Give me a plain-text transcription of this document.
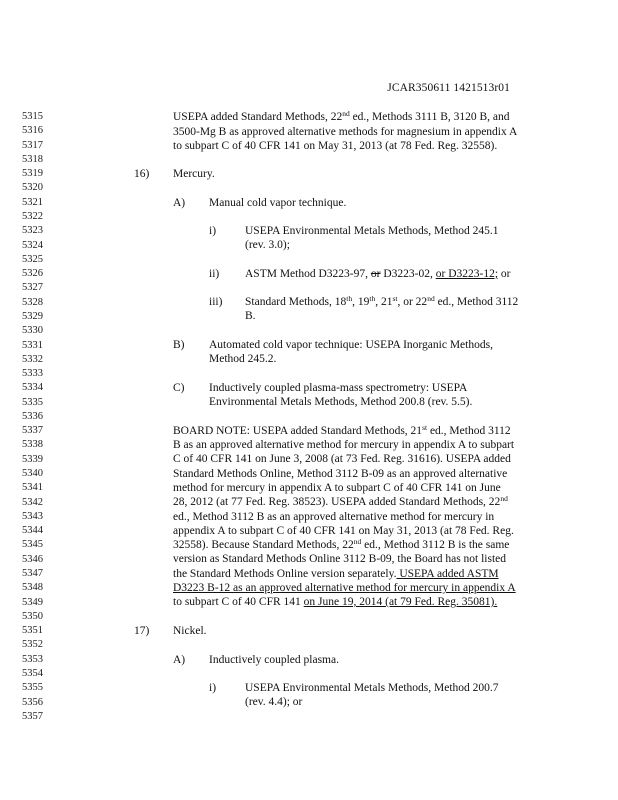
JCAR350611 1421513r01
5315
5316
5317
5318
5319
5320
5321
5322
5323
5324
5325
5326
5327
5328
5329
5330
5331
5332
5333
5334
5335
5336
5337
5338
5339
5340
5341
5342
5343
5344
5345
5346
5347
5348
5349
5350
5351
5352
5353
5354
5355
5356
5357
USEPA added Standard Methods, 22nd ed., Methods 3111 B, 3120 B, and
3500-Mg B as approved alternative methods for magnesium in appendix A
to subpart C of 40 CFR 141 on May 31, 2013 (at 78 Fed. Reg. 32558).
16) Mercury.
A) Manual cold vapor technique.
i)	USEPA Environmental Metals Methods, Method 245.1
(rev. 3.0);
ii) ASTM Method D3223-97, or D3223-02, or D3223-12; or
iii) Standard Methods, 18th, 19th, 21st, or 22nd ed., Method 3112
B.
B) Automated cold vapor technique: USEPA Inorganic Methods,
Method 245.2.
C) Inductively coupled plasma-mass spectrometry: USEPA
Environmental Metals Methods, Method 200.8 (rev. 5.5).
BOARD NOTE: USEPA added Standard Methods, 21st ed., Method 3112
B as an approved alternative method for mercury in appendix A to subpart
C of 40 CFR 141 on June 3, 2008 (at 73 Fed. Reg. 31616). USEPA added
Standard Methods Online, Method 3112 B-09 as an approved alternative
method for mercury in appendix A to subpart C of 40 CFR 141 on June
28, 2012 (at 77 Fed. Reg. 38523). USEPA added Standard Methods, 22nd
ed., Method 3112 B as an approved alternative method for mercury in
appendix A to subpart C of 40 CFR 141 on May 31, 2013 (at 78 Fed. Reg.
32558). Because Standard Methods, 22nd ed., Method 3112 B is the same
version as Standard Methods Online 3112 B-09, the Board has not listed
the Standard Methods Online version separately. USEPA added ASTM
D3223 B-12 as an approved alternative method for mercury in appendix A
to subpart C of 40 CFR 141 on June 19, 2014 (at 79 Fed. Reg. 35081).
17) Nickel.
A) Inductively coupled plasma.
i)	USEPA Environmental Metals Methods, Method 200.7
(rev. 4.4); or
